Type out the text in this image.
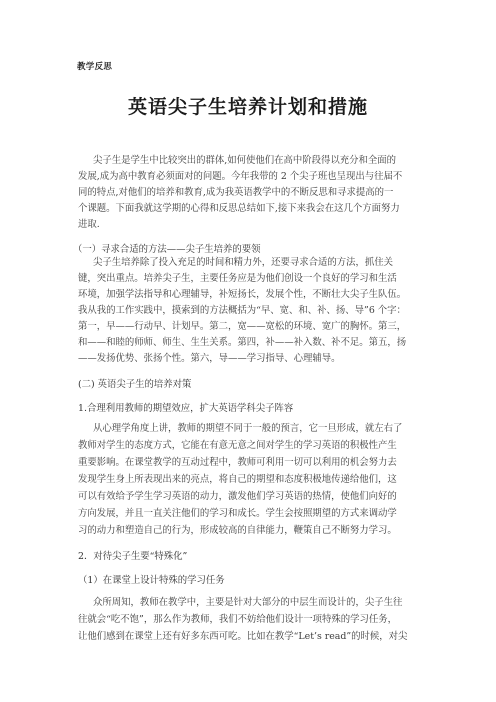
教学反思
英语尖子生培养计划和措施
尖子生是学生中比较突出的群体,如何使他们在高中阶段得以充分和全面的
发展,成为高中教育必须面对的问题。今年我带的 2 个尖子班也呈现出与往届不
同的特点,对他们的培养和教育,成为我英语教学中的不断反思和寻求提高的一
个课题。下面我就这学期的心得和反思总结如下,接下来我会在这几个方面努力
进取.
（一）寻求合适的方法——尖子生培养的要领
尖子生培养除了投入充足的时间和精力外，还要寻求合适的方法，抓住关
键，突出重点。培养尖子生，主要任务应是为他们创设一个良好的学习和生活
环境，加强学法指导和心理辅导，补短扬长，发展个性，不断壮大尖子生队伍。
我从我的工作实践中，摸索到的方法概括为“早、宽、和、补、扬、导”6 个字：
第一，早——行动早、计划早。第二，宽——宽松的环境、宽广的胸怀。第三，
和——和睦的师师、师生、生生关系。第四，补——补入数、补不足。第五，扬
——发扬优势、张扬个性。第六，导——学习指导、心理辅导。
(二) 英语尖子生的培养对策
1.合理利用教师的期望效应，扩大英语学科尖子阵容
从心理学角度上讲，教师的期望不同于一般的预言，它一旦形成，就左右了
教师对学生的态度方式，它能在有意无意之间对学生的学习英语的积极性产生
重要影响。在课堂教学的互动过程中，教师可利用一切可以利用的机会努力去
发现学生身上所表现出来的亮点，将自己的期望和态度积极地传递给他们，这
可以有效给予学生学习英语的动力，激发他们学习英语的热情，使他们向好的
方向发展，并且一直关注他们的学习和成长。学生会按照期望的方式来调动学
习的动力和塑造自己的行为，形成较高的自律能力，鞭策自己不断努力学习。
2．对待尖子生要“特殊化”
（1）在课堂上设计特殊的学习任务
众所周知，教师在教学中，主要是针对大部分的中层生而设计的，尖子生往
往就会“吃不饱”，那么作为教师，我们不妨给他们设计一项特殊的学习任务，
让他们感到在课堂上还有好多东西可吃。比如在教学“Let’s read”的时候，对尖
